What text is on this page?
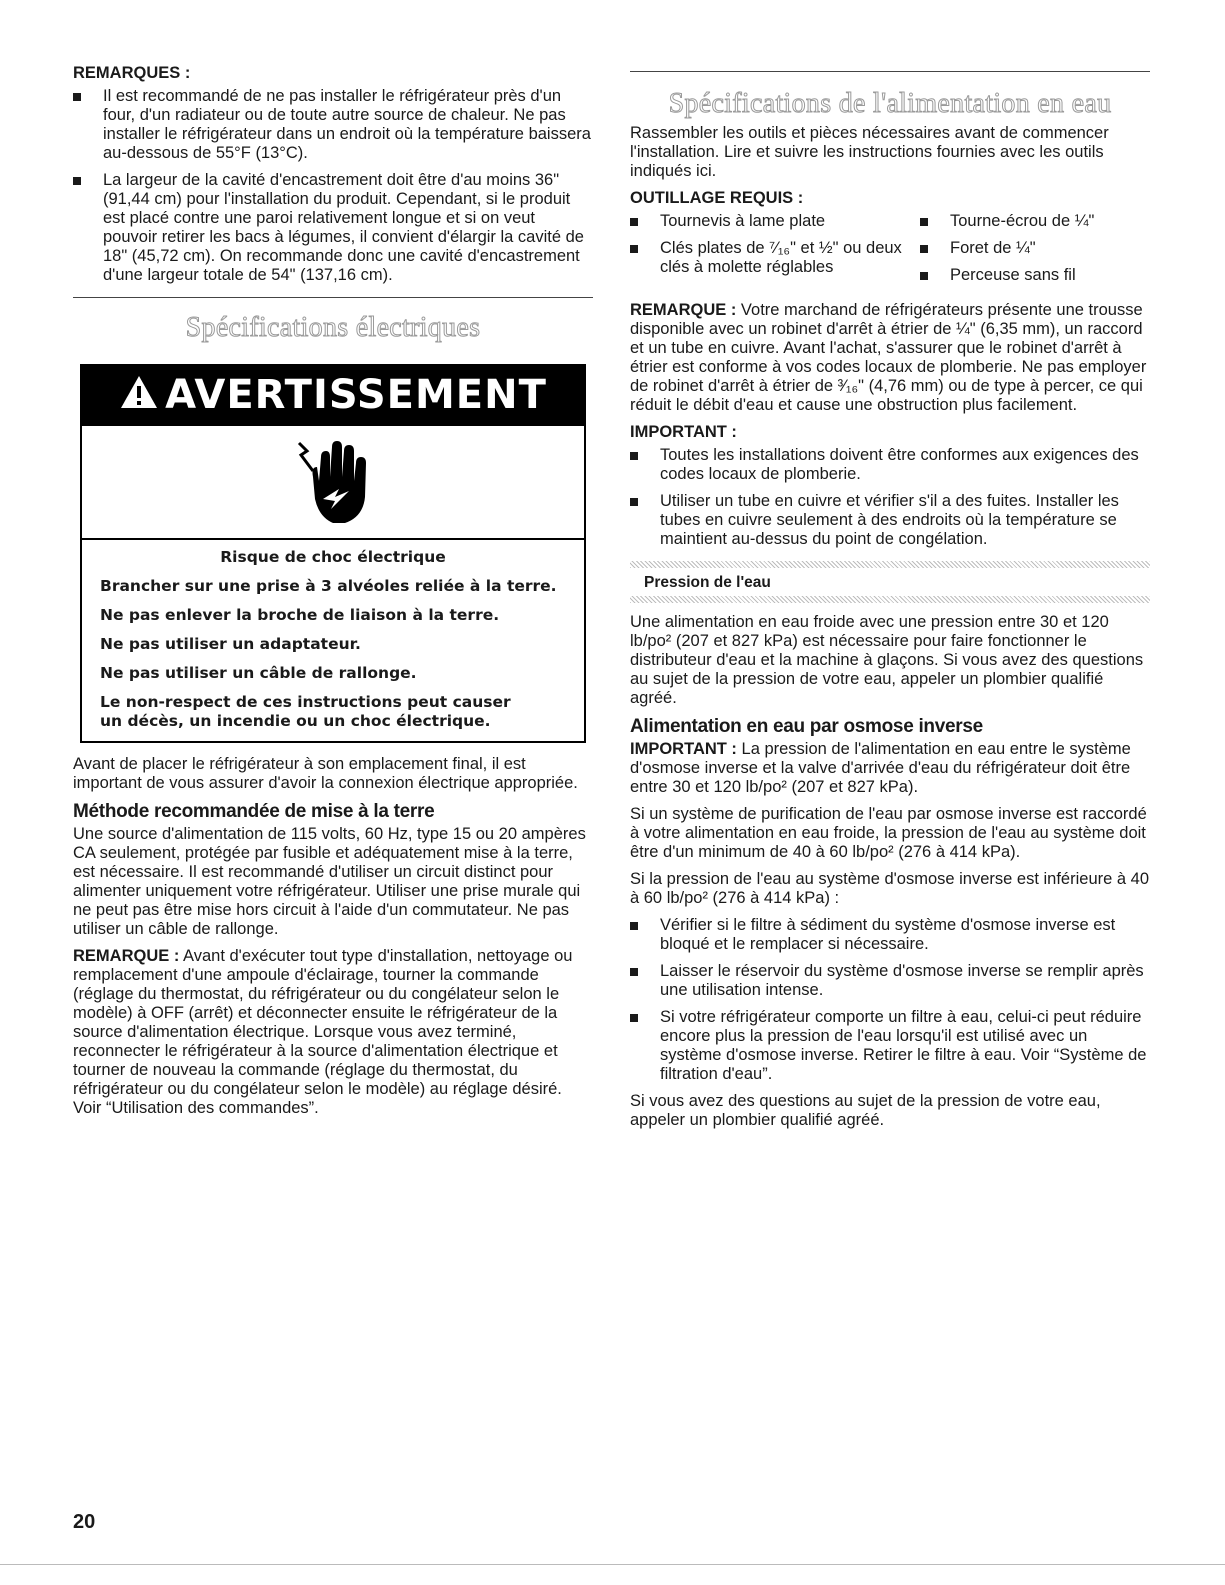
REMARQUES :
Il est recommandé de ne pas installer le réfrigérateur près d'un four, d'un radiateur ou de toute autre source de chaleur. Ne pas installer le réfrigérateur dans un endroit où la température baissera au-dessous de 55°F (13°C).
La largeur de la cavité d'encastrement doit être d'au moins 36" (91,44 cm) pour l'installation du produit. Cependant, si le produit est placé contre une paroi relativement longue et si on veut pouvoir retirer les bacs à légumes, il convient d'élargir la cavité de 18" (45,72 cm). On recommande donc une cavité d'encastrement d'une largeur totale de 54" (137,16 cm).
Spécifications électriques
AVERTISSEMENT

Risque de choc électrique

Brancher sur une prise à 3 alvéoles reliée à la terre.

Ne pas enlever la broche de liaison à la terre.

Ne pas utiliser un adaptateur.

Ne pas utiliser un câble de rallonge.

Le non-respect de ces instructions peut causer

un décès, un incendie ou un choc électrique.

Avant de placer le réfrigérateur à son emplacement final, il est important de vous assurer d'avoir la connexion électrique appropriée.

Méthode recommandée de mise à la terre

Une source d'alimentation de 115 volts, 60 Hz, type 15 ou 20 ampères CA seulement, protégée par fusible et adéquatement mise à la terre, est nécessaire. Il est recommandé d'utiliser un circuit distinct pour alimenter uniquement votre réfrigérateur. Utiliser une prise murale qui ne peut pas être mise hors circuit à l'aide d'un commutateur. Ne pas utiliser un câble de rallonge.

REMARQUE : Avant d'exécuter tout type d'installation, nettoyage ou remplacement d'une ampoule d'éclairage, tourner la commande (réglage du thermostat, du réfrigérateur ou du congélateur selon le modèle) à OFF (arrêt) et déconnecter ensuite le réfrigérateur de la source d'alimentation électrique. Lorsque vous avez terminé, reconnecter le réfrigérateur à la source d'alimentation électrique et tourner de nouveau la commande (réglage du thermostat, du réfrigérateur ou du congélateur selon le modèle) au réglage désiré. Voir “Utilisation des commandes”.

Spécifications de l'alimentation en eau

Rassembler les outils et pièces nécessaires avant de commencer l'installation. Lire et suivre les instructions fournies avec les outils indiqués ici.

OUTILLAGE REQUIS :
Tournevis à lame plate
Clés plates de ⁷⁄₁₆" et ½" ou deux clés à molette réglables
Tourne-écrou de ¼"
Foret de ¼"
Perceuse sans fil

REMARQUE : Votre marchand de réfrigérateurs présente une trousse disponible avec un robinet d'arrêt à étrier de ¼" (6,35 mm), un raccord et un tube en cuivre. Avant l'achat, s'assurer que le robinet d'arrêt à étrier est conforme à vos codes locaux de plomberie. Ne pas employer de robinet d'arrêt à étrier de ³⁄₁₆" (4,76 mm) ou de type à percer, ce qui réduit le débit d'eau et cause une obstruction plus facilement.

IMPORTANT :
Toutes les installations doivent être conformes aux exigences des codes locaux de plomberie.
Utiliser un tube en cuivre et vérifier s'il a des fuites. Installer les tubes en cuivre seulement à des endroits où la température se maintient au-dessus du point de congélation.
Pression de l'eau

Une alimentation en eau froide avec une pression entre 30 et 120 lb/po² (207 et 827 kPa) est nécessaire pour faire fonctionner le distributeur d'eau et la machine à glaçons. Si vous avez des questions au sujet de la pression de votre eau, appeler un plombier qualifié agréé.

Alimentation en eau par osmose inverse

IMPORTANT : La pression de l'alimentation en eau entre le système d'osmose inverse et la valve d'arrivée d'eau du réfrigérateur doit être entre 30 et 120 lb/po² (207 et 827 kPa).

Si un système de purification de l'eau par osmose inverse est raccordé à votre alimentation en eau froide, la pression de l'eau au système doit être d'un minimum de 40 à 60 lb/po² (276 à 414 kPa).

Si la pression de l'eau au système d'osmose inverse est inférieure à 40 à 60 lb/po² (276 à 414 kPa) :

Vérifier si le filtre à sédiment du système d'osmose inverse est bloqué et le remplacer si nécessaire.
Laisser le réservoir du système d'osmose inverse se remplir après une utilisation intense.
Si votre réfrigérateur comporte un filtre à eau, celui-ci peut réduire encore plus la pression de l'eau lorsqu'il est utilisé avec un système d'osmose inverse. Retirer le filtre à eau. Voir “Système de filtration d'eau”.

Si vous avez des questions au sujet de la pression de votre eau, appeler un plombier qualifié agréé.

20
